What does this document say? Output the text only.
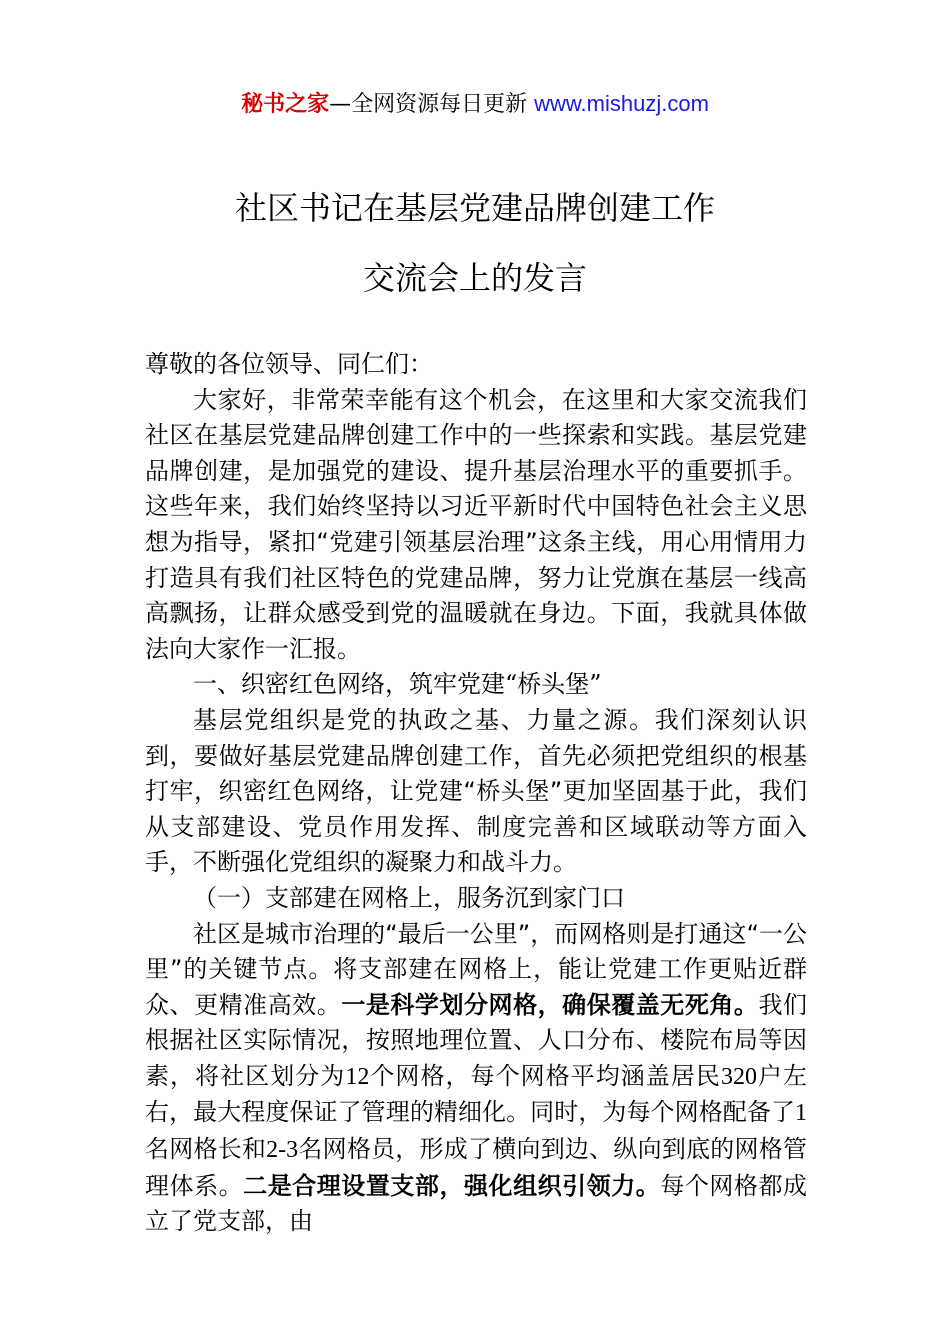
秘书之家—全网资源每日更新 www.mishuzj.com
社区书记在基层党建品牌创建工作
交流会上的发言

尊敬的各位领导、同仁们：

大家好，非常荣幸能有这个机会，在这里和大家交流我们社区在基层党建品牌创建工作中的一些探索和实践。基层党建品牌创建，是加强党的建设、提升基层治理水平的重要抓手。这些年来，我们始终坚持以习近平新时代中国特色社会主义思想为指导，紧扣“党建引领基层治理”这条主线，用心用情用力打造具有我们社区特色的党建品牌，努力让党旗在基层一线高高飘扬，让群众感受到党的温暖就在身边。下面，我就具体做法向大家作一汇报。

一、织密红色网络，筑牢党建“桥头堡”

基层党组织是党的执政之基、力量之源。我们深刻认识到，要做好基层党建品牌创建工作，首先必须把党组织的根基打牢，织密红色网络，让党建“桥头堡”更加坚固基于此，我们从支部建设、党员作用发挥、制度完善和区域联动等方面入手，不断强化党组织的凝聚力和战斗力。

（一）支部建在网格上，服务沉到家门口

社区是城市治理的“最后一公里”，而网格则是打通这“一公里”的关键节点。将支部建在网格上，能让党建工作更贴近群众、更精准高效。一是科学划分网格，确保覆盖无死角。我们根据社区实际情况，按照地理位置、人口分布、楼院布局等因素，将社区划分为12个网格，每个网格平均涵盖居民320户左右，最大程度保证了管理的精细化。同时，为每个网格配备了1名网格长和2-3名网格员，形成了横向到边、纵向到底的网格管理体系。二是合理设置支部，强化组织引领力。每个网格都成立了党支部，由
